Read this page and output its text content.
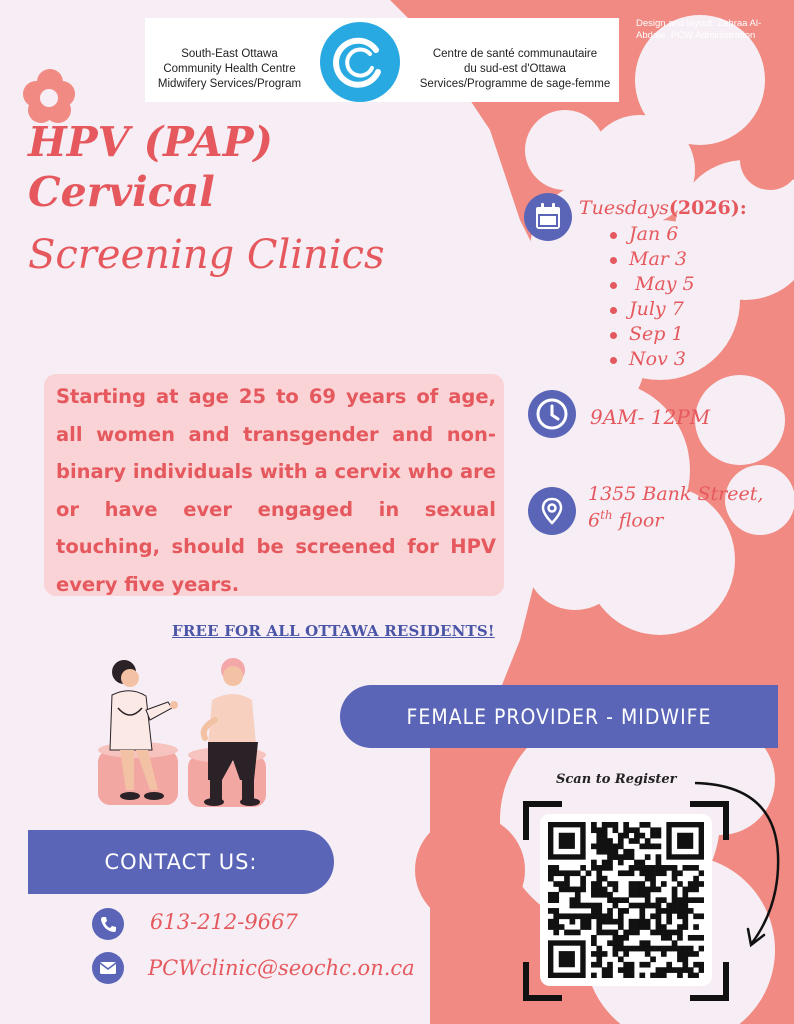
South-East Ottawa
Community Health Centre
Midwifery Services/Program
Centre de santé communautaire
du sud-est d'Ottawa
Services/Programme de sage-femme
Design and layout: Zahraa Al-Abdale, PCW Administration
HPV (PAP)
Cervical
Screening Clinics
Tuesdays(2026):
Jan 6
Mar 3
May 5
July 7
Sep 1
Nov 3
Starting at age 25 to 69 years of age, all women and transgender and non-binary individuals with a cervix who are or have ever engaged in sexual touching, should be screened for HPV every five years.
9AM- 12PM
1355 Bank Street,
6th floor
FREE FOR ALL OTTAWA RESIDENTS!
FEMALE PROVIDER - MIDWIFE
CONTACT US:
613-212-9667
PCWclinic@seochc.on.ca
Scan to Register
